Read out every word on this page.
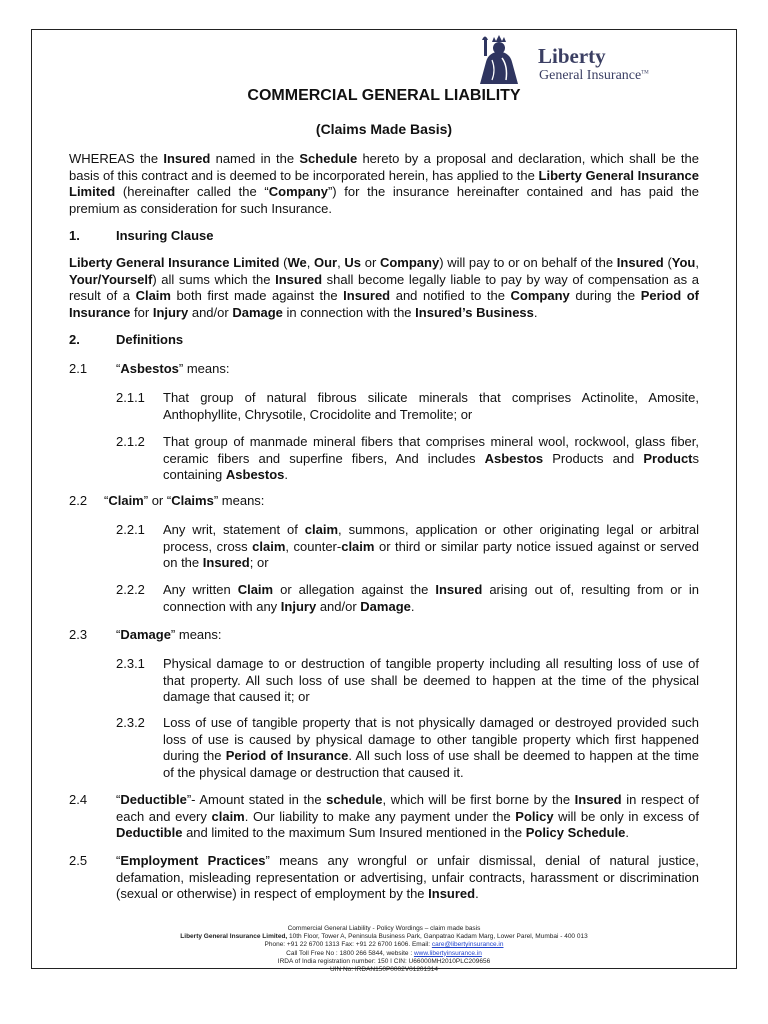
Liberty
General Insurance™
COMMERCIAL GENERAL LIABILITY
(Claims Made Basis)
WHEREAS the Insured named in the Schedule hereto by a proposal and declaration, which shall be the basis of this contract and is deemed to be incorporated herein, has applied to the Liberty General Insurance Limited (hereinafter called the “Company”) for the insurance hereinafter contained and has paid the premium as consideration for such Insurance.
1.	Insuring Clause
Liberty General Insurance Limited (We, Our, Us or Company) will pay to or on behalf of the Insured (You, Your/Yourself) all sums which the Insured shall become legally liable to pay by way of compensation as a result of a Claim both first made against the Insured and notified to the Company during the Period of Insurance for Injury and/or Damage in connection with the Insured’s Business.
2.	Definitions
2.1 “Asbestos” means:
2.1.1 That group of natural fibrous silicate minerals that comprises Actinolite, Amosite, Anthophyllite, Chrysotile, Crocidolite and Tremolite; or
2.1.2 That group of manmade mineral fibers that comprises mineral wool, rockwool, glass fiber, ceramic fibers and superfine fibers, And includes Asbestos Products and Products containing Asbestos.
2.2 “Claim” or “Claims” means:
2.2.1 Any writ, statement of claim, summons, application or other originating legal or arbitral process, cross claim, counter-claim or third or similar party notice issued against or served on the Insured; or
2.2.2 Any written Claim or allegation against the Insured arising out of, resulting from or in connection with any Injury and/or Damage.
2.3 “Damage” means:
2.3.1 Physical damage to or destruction of tangible property including all resulting loss of use of that property. All such loss of use shall be deemed to happen at the time of the physical damage that caused it; or
2.3.2 Loss of use of tangible property that is not physically damaged or destroyed provided such loss of use is caused by physical damage to other tangible property which first happened during the Period of Insurance. All such loss of use shall be deemed to happen at the time of the physical damage or destruction that caused it.
2.4 “Deductible”- Amount stated in the schedule, which will be first borne by the Insured in respect of each and every claim. Our liability to make any payment under the Policy will be only in excess of Deductible and limited to the maximum Sum Insured mentioned in the Policy Schedule.
2.5 “Employment Practices” means any wrongful or unfair dismissal, denial of natural justice, defamation, misleading representation or advertising, unfair contracts, harassment or discrimination (sexual or otherwise) in respect of employment by the Insured.
Commercial General Liability - Policy Wordings – claim made basis
Liberty General Insurance Limited, 10th Floor, Tower A, Peninsula Business Park, Ganpatrao Kadam Marg, Lower Parel, Mumbai - 400 013
Phone: +91 22 6700 1313 Fax: +91 22 6700 1606. Email: care@libertyinsurance.in
Call Toll Free No : 1800 266 5844, website : www.libertyinsurance.in
IRDA of India registration number: 150 I CIN: U66000MH2010PLC209656
UIN No: IRDAN150P0002V01201314
